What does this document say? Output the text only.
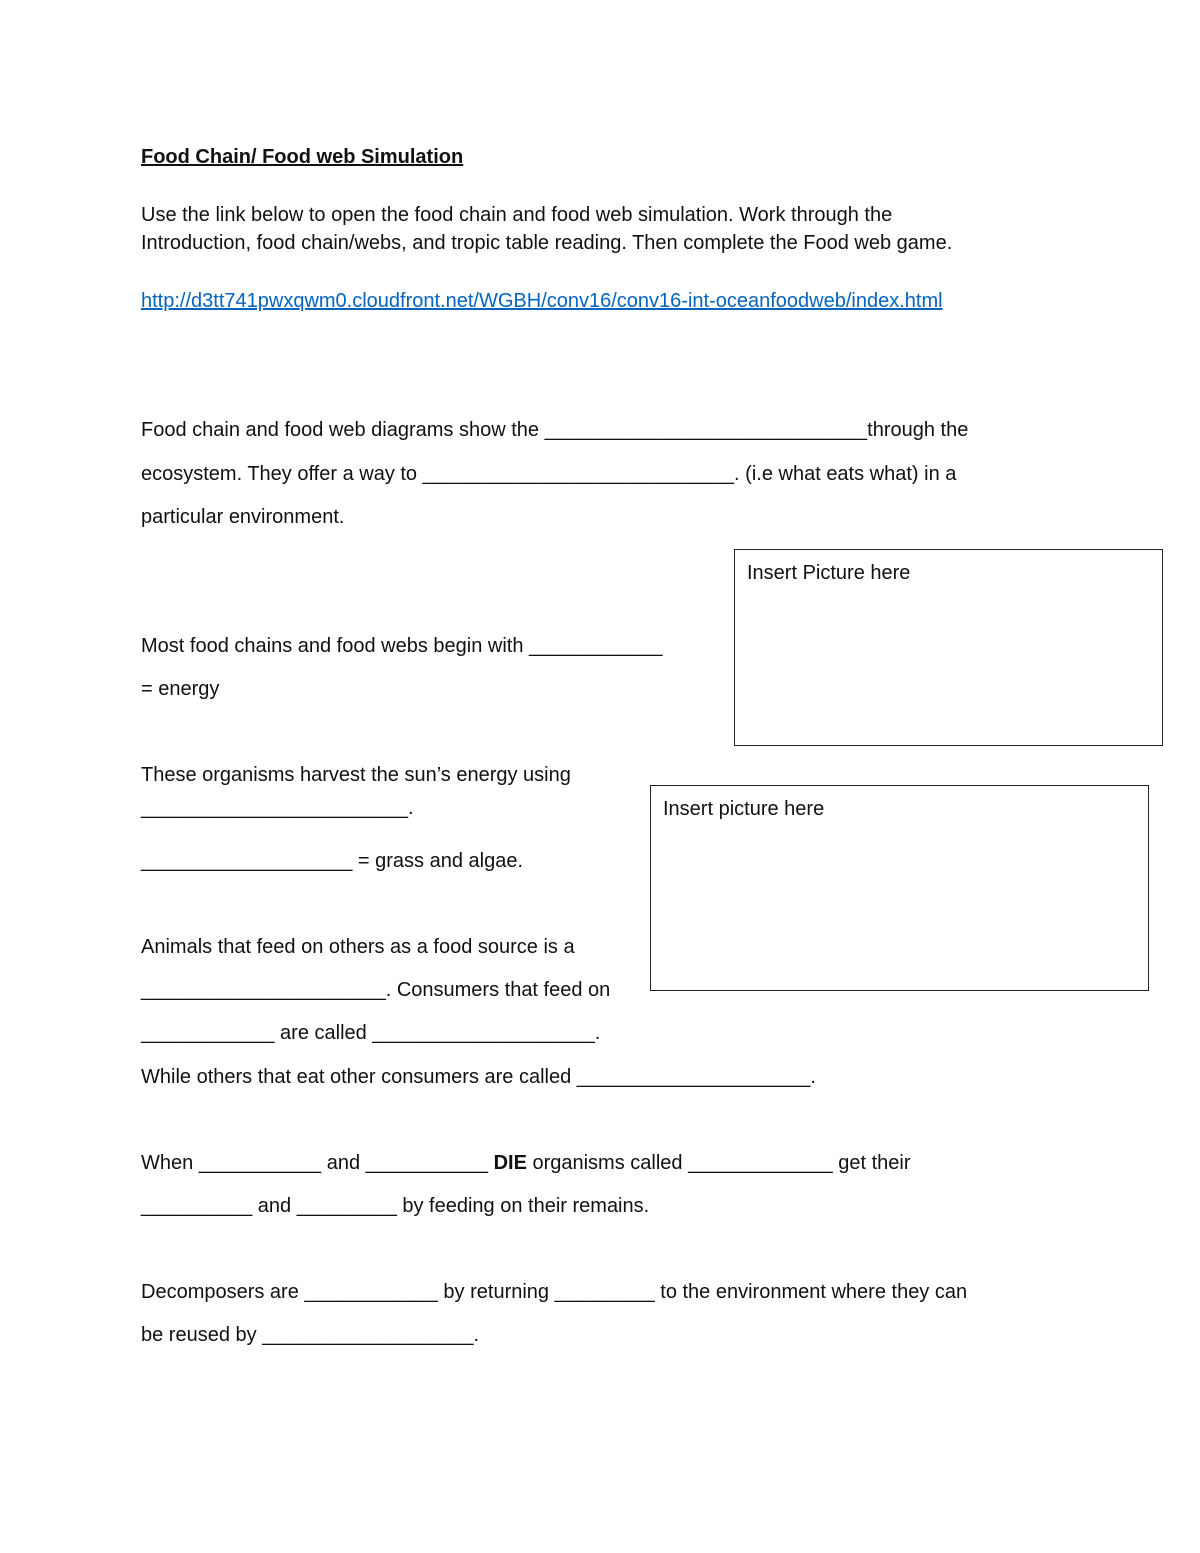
Food Chain/ Food web Simulation
Use the link below to open the food chain and food web simulation. Work through the
Introduction, food chain/webs, and tropic table reading. Then complete the Food web game.
http://d3tt741pwxqwm0.cloudfront.net/WGBH/conv16/conv16-int-oceanfoodweb/index.html
Food chain and food web diagrams show the _____________________________through the
ecosystem. They offer a way to ____________________________. (i.e what eats what) in a
particular environment.
Insert Picture here
Most food chains and food webs begin with ____________
= energy
These organisms harvest the sun’s energy using
________________________.
___________________ = grass and algae.
Insert picture here
Animals that feed on others as a food source is a
______________________. Consumers that feed on
____________ are called ____________________.
While others that eat other consumers are called _____________________.
When ___________ and ___________ DIE organisms called _____________ get their
__________ and _________ by feeding on their remains.
Decomposers are ____________ by returning _________ to the environment where they can
be reused by ___________________.
